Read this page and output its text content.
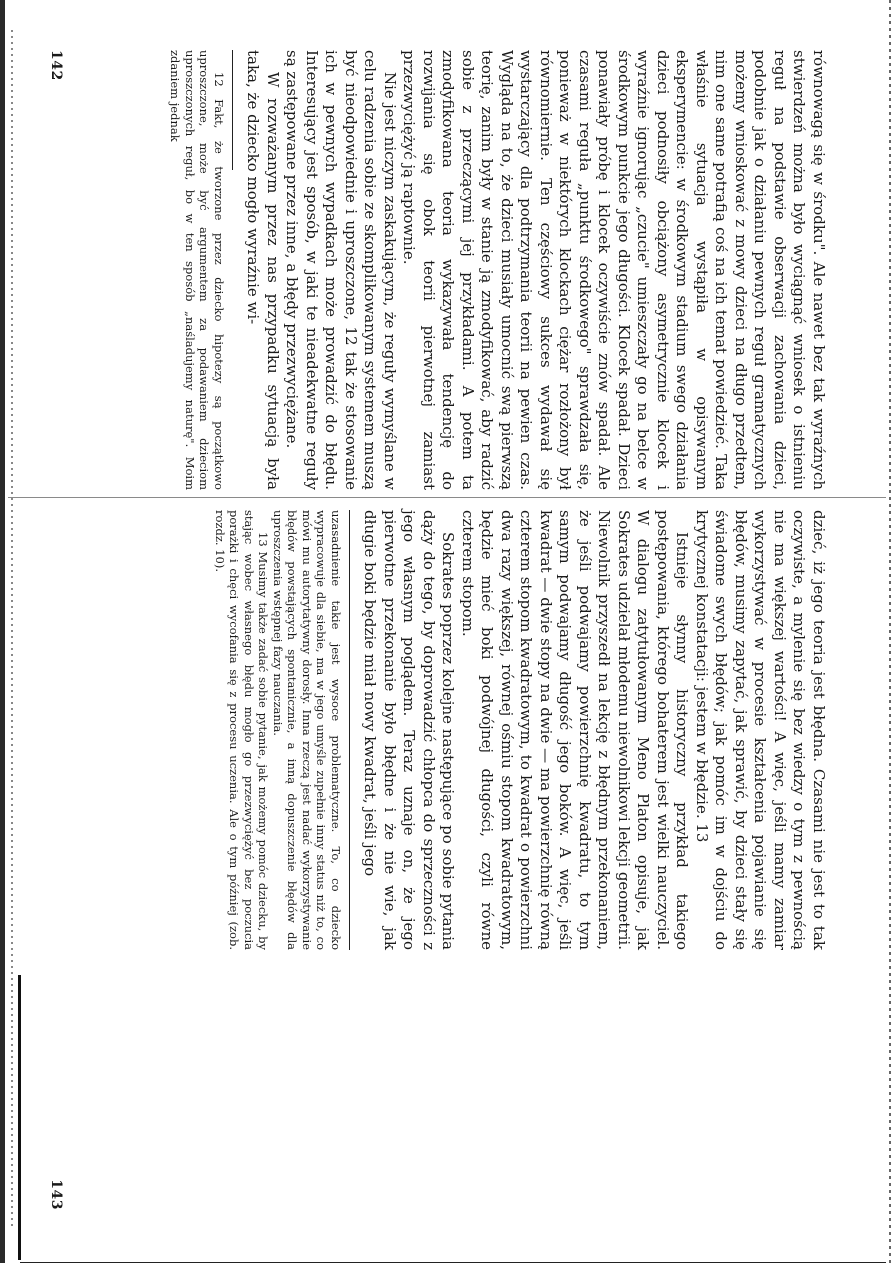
równowagą się w środku". Ale nawet bez tak wyraźnych stwierdzeń można było wyciągnąć wniosek o istnieniu reguł na podstawie obserwacji zachowania dzieci, podobnie jak o działaniu pewnych reguł gramatycznych możemy wnioskować z mowy dzieci na długo przedtem, nim one same potrafią coś na ich temat powiedzieć. Taka właśnie sytuacja wystąpiła w opisywanym eksperymencie: w środkowym stadium swego działania dzieci podnosiły obciążony asymetrycznie klocek i wyraźnie ignorując „czucie" umieszczały go na belce w środkowym punkcie jego długości. Klocek spadał. Dzieci ponawiały próbę i klocek oczywiście znów spadał. Ale czasami reguła „punktu środkowego" sprawdzała się, ponieważ w niektórych klockach ciężar rozłożony był równomiernie. Ten częściowy sukces wydawał się wystarczający dla podtrzymania teorii na pewien czas. Wygląda na to, że dzieci musiały umocnić swą pierwszą teorię, zanim były w stanie ją zmodyfikować, aby radzić sobie z przeczącymi jej przykładami. A potem ta zmodyfikowana teoria wykazywała tendencję do rozwijania się obok teorii pierwotnej zamiast przezwyciężyć ją raptownie.

Nie jest niczym zaskakującym, że reguły wymyślane w celu radzenia sobie ze skomplikowanym systemem muszą być nieodpowiednie i uproszczone, 12 tak że stosowanie ich w pewnych wypadkach może prowadzić do błędu. Interesujący jest sposób, w jaki te nieadekwatne reguły są zastępowane przez inne, a błędy przezwyciężane.

W rozważanym przez nas przypadku sytuacją była taka, że dziecko mogło wyraźnie wi-

12 Fakt, że tworzone przez dziecko hipotezy są początkowo uproszczone, może być argumentem za podawaniem dzieciom uproszczonych reguł, bo w ten sposób „naśladujemy naturę". Moim zdaniem jednak

142

dzieć, iż jego teoria jest błędna. Czasami nie jest to tak oczywiste, a mylenie się bez wiedzy o tym z pewnością nie ma większej wartości! A więc, jeśli mamy zamiar wykorzystywać w procesie kształcenia pojawianie się błędów, musimy zapytać, jak sprawić, by dzieci stały się świadome swych błędów; jak pomóc im w dojściu do krytycznej konstatacji: jestem w błędzie. 13

Istnieje słynny historyczny przykład takiego postępowania, którego bohaterem jest wielki nauczyciel. W dialogu zatytułowanym Meno Platon opisuje, jak Sokrates udzielał młodemu niewolnikowi lekcji geometrii. Niewolnik przyszedł na lekcję z błędnym przekonaniem, że jeśli podwajamy powierzchnię kwadratu, to tym samym podwajamy długość jego boków. A więc, jeśli kwadrat — dwie stopy na dwie — ma powierzchnię równą czterem stopom kwadratowym, to kwadrat o powierzchni dwa razy większej, równej ośmiu stopom kwadratowym, będzie mieć boki podwójnej długości, czyli równe czterem stopom.

Sokrates poprzez kolejne następujące po sobie pytania dąży do tego, by doprowadzić chłopca do sprzeczności z jego własnym poglądem. Teraz uznaje on, że jego pierwotne przekonanie było błędne i że nie wie, jak długie boki będzie miał nowy kwadrat, jeśli jego

uzasadnienie takie jest wysoce problematyczne. To, co dziecko wypracowuje dla siebie, ma w jego umyśle zupełnie inny status niż to, co mówi mu autorytatywny dorosły. Inna rzeczą jest nadać wykorzystywanie błędów powstających spontanicznie, a inną dopuszczenie błędów dla uproszczenia wstępnej fazy nauczania.

13 Musimy także zadać sobie pytanie, jak możemy pomóc dziecku, by stając wobec własnego błędu mogło go przezwyciężyć bez poczucia porażki i chęci wycofania się z procesu uczenia. Ale o tym później (zob. rozdz. 10).

143
